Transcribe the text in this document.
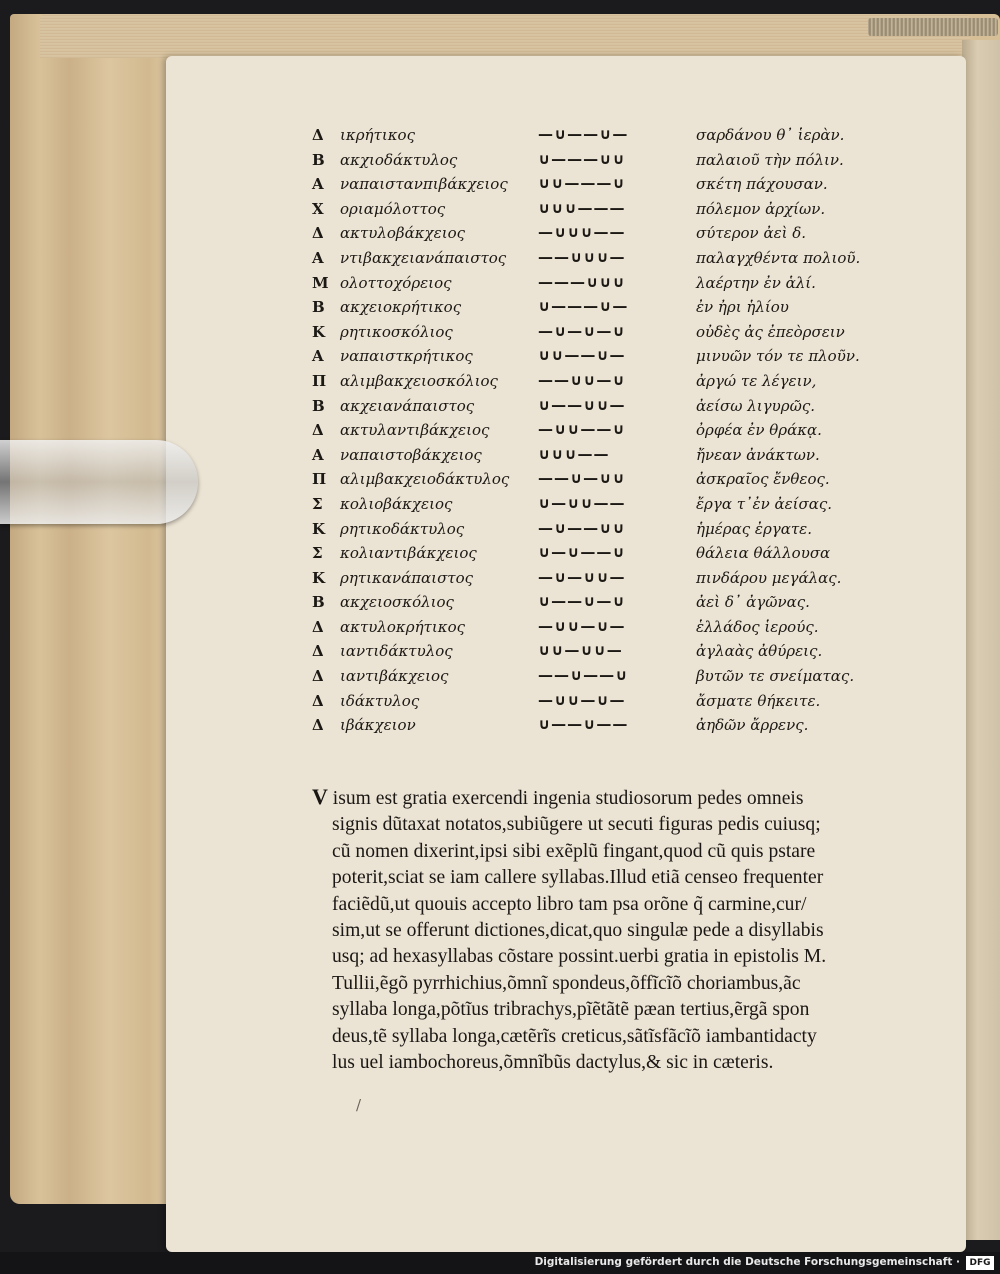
Δ	ικρήτικος	—∪——∪—	σαρδάνου θ᾽ ἱερὰν.
Β	ακχιοδάκτυλος	∪———∪∪	παλαιοῦ τὴν πόλιν.
Α	ναπαιστανπιβάκχειος ∪∪———∪	σκέτη πάχουσαν.
Χ	οριαμόλοττος	∪∪∪———	πόλεμον ἀρχίων.
Δ	ακτυλοβάκχειος	—∪∪∪——	σύτερον ἀεὶ δ.
Α	ντιβακχειανάπαιστος ——∪∪∪—	παλαγχθέντα πολιοῦ.
Μ ολοττοχόρειος	———∪∪∪	λαέρτην ἐν ἁλί.
Β	ακχειοκρήτικος	∪———∪—	ἐν ἠρι ἡλίου
Κ ρητικοσκόλιος	—∪—∪—∪	οὐδὲς ἀς ἐπεὸρσειν
Α	ναπαιστκρήτικος	∪∪——∪—	μινυῶν τόν τε πλοῦν.
Π αλιμβακχειοσκόλιος	——∪∪—∪	ἀργώ τε λέγειν,
Β	ακχειανάπαιστος	∪——∪∪—	ἀείσω λιγυρῶς.
Δ	ακτυλαντιβάκχειος	—∪∪——∪	ὀρφέα ἐν θράκᾳ.
Α	ναπαιστοβάκχειος	∪∪∪——	ἤνεαν ἀνάκτων.
Π αλιμβακχειοδάκτυλος ——∪—∪∪	ἀσκραῖος ἔνθεος.
Σ	κολιοβάκχειος	∪—∪∪——	ἔργα τ᾽ἐν ἀείσας.
Κ ρητικοδάκτυλος	—∪——∪∪	ἡμέρας ἐργατε.
Σ	κολιαντιβάκχειος	∪—∪——∪	θάλεια θάλλουσα
Κ ρητικανάπαιστος	—∪—∪∪—	πινδάρου μεγάλας.
Β	ακχειοσκόλιος	∪——∪—∪	ἀεὶ δ᾽ ἀγῶνας.
Δ	ακτυλοκρήτικος	—∪∪—∪—	ἑλλάδος ἱερούς.
Δ	ιαντιδάκτυλος	∪∪—∪∪—	ἀγλαὰς ἀθύρεις.
Δ	ιαντιβάκχειος	——∪——∪	βυτῶν τε σνείματας.
Δ	ιδάκτυλος	—∪∪—∪—	ἄσματε θήκειτε.
Δ	ιβάκχειον	∪——∪——	ἀηδῶν ἄρρενς.
V isum est gratia exercendi ingenia studiosorum pedes omneis
signis dũtaxat notatos,subiũgere ut secuti figuras pedis cuiusq;
cũ nomen dixerint,ipsi sibi exẽplũ fingant,quod cũ quis pstare
poterit,sciat se iam callere syllabas.Illud etiã censeo frequenter
faciẽdũ,ut quouis accepto libro tam psa orõne q̃ carmine,cur/
sim,ut se offerunt dictiones,dicat,quo singulæ pede a disyllabis
usq; ad hexasyllabas cõstare possint.uerbi gratia in epistolis M.
Tullii,ẽgõ pyrrhichius,õmnĩ spondeus,õffĩcĩõ choriambus,ãc
syllaba longa,põtĩus tribrachys,pĩẽtãtẽ pæan tertius,ẽrgã spon
deus,tẽ syllaba longa,cætẽrĩs creticus,sãtĩsfãcĩõ iambantidacty
lus uel iambochoreus,õmnĩbũs dactylus,& sic in cæteris.
/
Digitalisierung gefördert durch die Deutsche Forschungsgemeinschaft ·	DFG
